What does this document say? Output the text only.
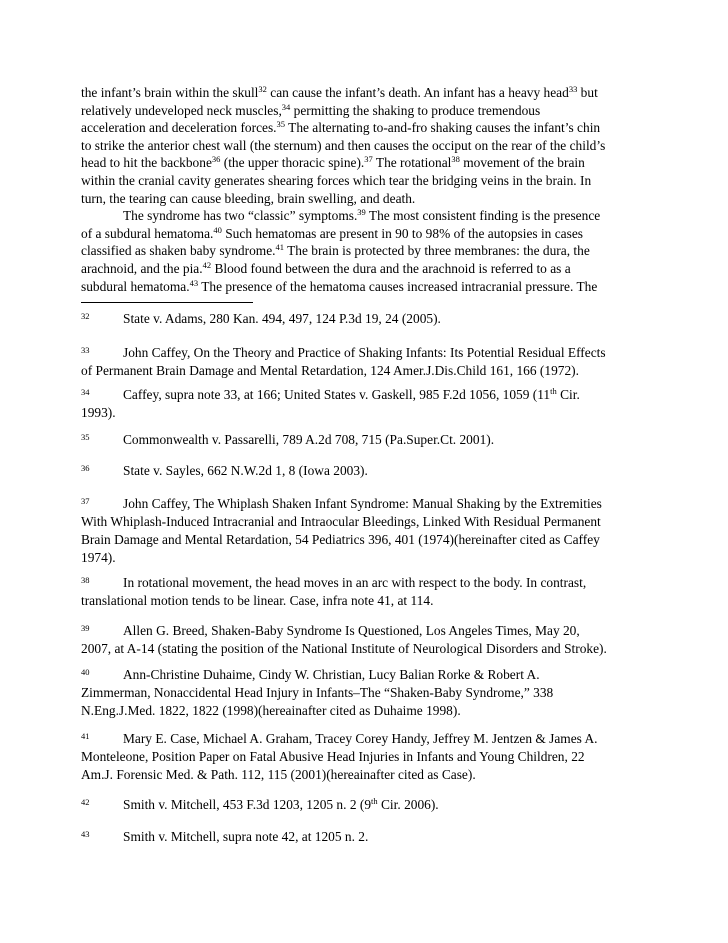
the infant’s brain within the skull$^{32}$ can cause the infant’s death. An infant has a heavy head$^{33}$ but
relatively undeveloped neck muscles,$^{34}$ permitting the shaking to produce tremendous
acceleration and deceleration forces.$^{35}$ The alternating to-and-fro shaking causes the infant’s chin
to strike the anterior chest wall (the sternum) and then causes the occiput on the rear of the child’s
head to hit the backbone$^{36}$ (the upper thoracic spine).$^{37}$ The rotational$^{38}$ movement of the brain
within the cranial cavity generates shearing forces which tear the bridging veins in the brain. In
turn, the tearing can cause bleeding, brain swelling, and death.
The syndrome has two “classic” symptoms.$^{39}$ The most consistent finding is the presence
of a subdural hematoma.$^{40}$ Such hematomas are present in 90 to 98% of the autopsies in cases
classified as shaken baby syndrome.$^{41}$ The brain is protected by three membranes: the dura, the
arachnoid, and the pia.$^{42}$ Blood found between the dura and the arachnoid is referred to as a
subdural hematoma.$^{43}$ The presence of the hematoma causes increased intracranial pressure. The
32	State v. Adams, 280 Kan. 494, 497, 124 P.3d 19, 24 (2005).
33	John Caffey, On the Theory and Practice of Shaking Infants: Its Potential Residual Effects
of Permanent Brain Damage and Mental Retardation, 124 Amer.J.Dis.Child 161, 166 (1972).
34	Caffey, supra note 33, at 166; United States v. Gaskell, 985 F.2d 1056, 1059 (11th Cir.
1993).
35	Commonwealth v. Passarelli, 789 A.2d 708, 715 (Pa.Super.Ct. 2001).
36	State v. Sayles, 662 N.W.2d 1, 8 (Iowa 2003).
37	John Caffey, The Whiplash Shaken Infant Syndrome: Manual Shaking by the Extremities
With Whiplash-Induced Intracranial and Intraocular Bleedings, Linked With Residual Permanent
Brain Damage and Mental Retardation, 54 Pediatrics 396, 401 (1974)(hereinafter cited as Caffey
1974).
38	In rotational movement, the head moves in an arc with respect to the body. In contrast,
translational motion tends to be linear. Case, infra note 41, at 114.
39	Allen G. Breed, Shaken-Baby Syndrome Is Questioned, Los Angeles Times, May 20,
2007, at A-14 (stating the position of the National Institute of Neurological Disorders and Stroke).
40	Ann-Christine Duhaime, Cindy W. Christian, Lucy Balian Rorke & Robert A.
Zimmerman, Nonaccidental Head Injury in Infants–The “Shaken-Baby Syndrome,” 338
N.Eng.J.Med. 1822, 1822 (1998)(hereainafter cited as Duhaime 1998).
41	Mary E. Case, Michael A. Graham, Tracey Corey Handy, Jeffrey M. Jentzen & James A.
Monteleone, Position Paper on Fatal Abusive Head Injuries in Infants and Young Children, 22
Am.J. Forensic Med. & Path. 112, 115 (2001)(hereainafter cited as Case).
42	Smith v. Mitchell, 453 F.3d 1203, 1205 n. 2 (9th Cir. 2006).
43	Smith v. Mitchell, supra note 42, at 1205 n. 2.
